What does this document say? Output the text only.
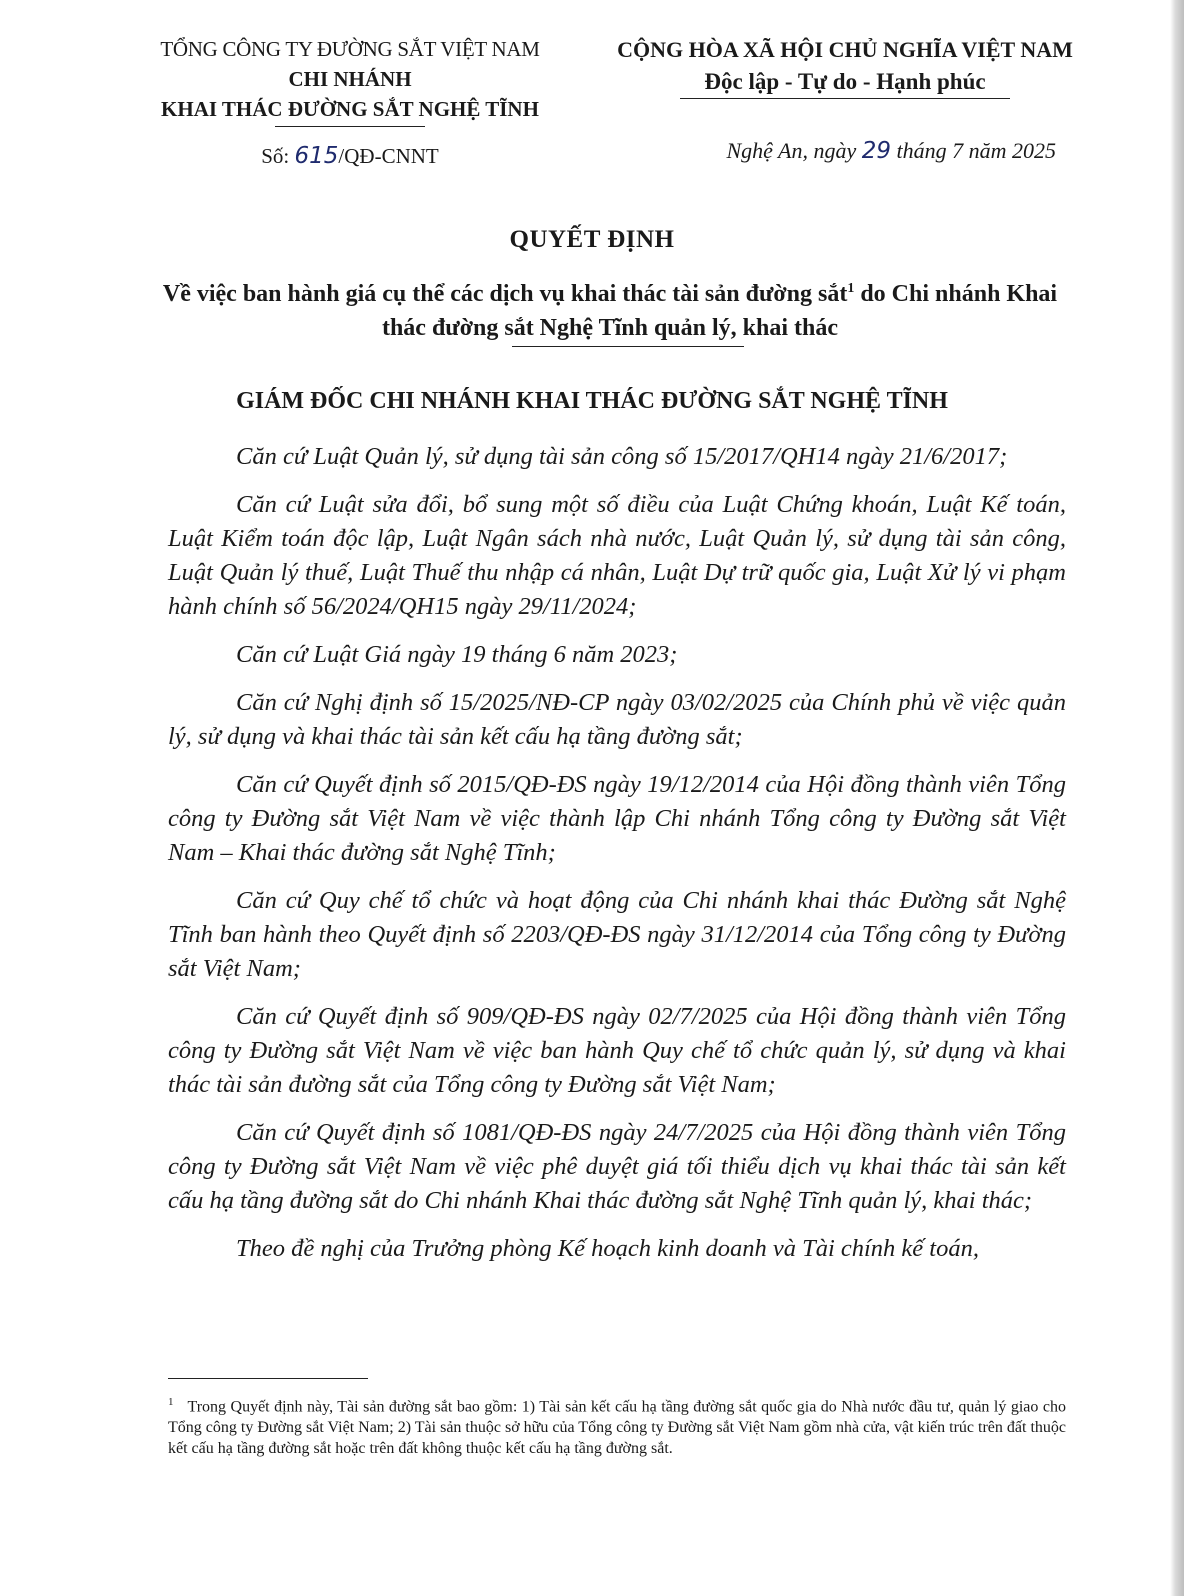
TỔNG CÔNG TY ĐƯỜNG SẮT VIỆT NAM
CHI NHÁNH
KHAI THÁC ĐƯỜNG SẮT NGHỆ TĨNH
Số: 615/QĐ-CNNT
CỘNG HÒA XÃ HỘI CHỦ NGHĨA VIỆT NAM
Độc lập - Tự do - Hạnh phúc
Nghệ An, ngày 29 tháng 7 năm 2025
QUYẾT ĐỊNH
Về việc ban hành giá cụ thể các dịch vụ khai thác tài sản đường sắt$^1$ do Chi nhánh Khai thác đường sắt Nghệ Tĩnh quản lý, khai thác
GIÁM ĐỐC CHI NHÁNH KHAI THÁC ĐƯỜNG SẮT NGHỆ TĨNH

Căn cứ Luật Quản lý, sử dụng tài sản công số 15/2017/QH14 ngày 21/6/2017;

Căn cứ Luật sửa đổi, bổ sung một số điều của Luật Chứng khoán, Luật Kế toán, Luật Kiểm toán độc lập, Luật Ngân sách nhà nước, Luật Quản lý, sử dụng tài sản công, Luật Quản lý thuế, Luật Thuế thu nhập cá nhân, Luật Dự trữ quốc gia, Luật Xử lý vi phạm hành chính số 56/2024/QH15 ngày 29/11/2024;

Căn cứ Luật Giá ngày 19 tháng 6 năm 2023;

Căn cứ Nghị định số 15/2025/NĐ-CP ngày 03/02/2025 của Chính phủ về việc quản lý, sử dụng và khai thác tài sản kết cấu hạ tầng đường sắt;

Căn cứ Quyết định số 2015/QĐ-ĐS ngày 19/12/2014 của Hội đồng thành viên Tổng công ty Đường sắt Việt Nam về việc thành lập Chi nhánh Tổng công ty Đường sắt Việt Nam – Khai thác đường sắt Nghệ Tĩnh;

Căn cứ Quy chế tổ chức và hoạt động của Chi nhánh khai thác Đường sắt Nghệ Tĩnh ban hành theo Quyết định số 2203/QĐ-ĐS ngày 31/12/2014 của Tổng công ty Đường sắt Việt Nam;

Căn cứ Quyết định số 909/QĐ-ĐS ngày 02/7/2025 của Hội đồng thành viên Tổng công ty Đường sắt Việt Nam về việc ban hành Quy chế tổ chức quản lý, sử dụng và khai thác tài sản đường sắt của Tổng công ty Đường sắt Việt Nam;

Căn cứ Quyết định số 1081/QĐ-ĐS ngày 24/7/2025 của Hội đồng thành viên Tổng công ty Đường sắt Việt Nam về việc phê duyệt giá tối thiểu dịch vụ khai thác tài sản kết cấu hạ tầng đường sắt do Chi nhánh Khai thác đường sắt Nghệ Tĩnh quản lý, khai thác;

Theo đề nghị của Trưởng phòng Kế hoạch kinh doanh và Tài chính kế toán,

$^1$ Trong Quyết định này, Tài sản đường sắt bao gồm: 1) Tài sản kết cấu hạ tầng đường sắt quốc gia do Nhà nước đầu tư, quản lý giao cho Tổng công ty Đường sắt Việt Nam; 2) Tài sản thuộc sở hữu của Tổng công ty Đường sắt Việt Nam gồm nhà cửa, vật kiến trúc trên đất thuộc kết cấu hạ tầng đường sắt hoặc trên đất không thuộc kết cấu hạ tầng đường sắt.
